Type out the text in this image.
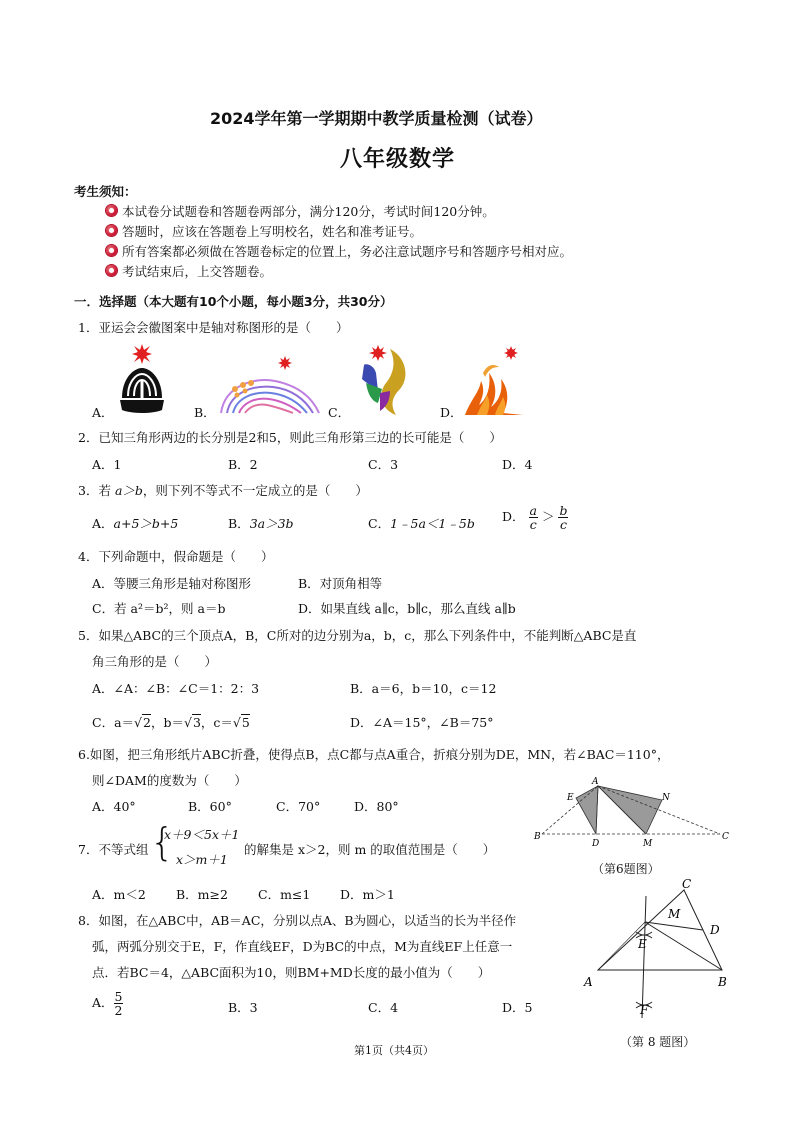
2024学年第一学期期中教学质量检测（试卷）
八年级数学
考生须知：
本试卷分试题卷和答题卷两部分，满分120分，考试时间120分钟。
答题时，应该在答题卷上写明校名，姓名和准考证号。
所有答案都必须做在答题卷标定的位置上，务必注意试题序号和答题序号相对应。
考试结束后，上交答题卷。
一．选择题（本大题有10个小题，每小题3分，共30分）
1．亚运会会徽图案中是轴对称图形的是（　　）
A．	B．	C．	D．
2．已知三角形两边的长分别是2和5，则此三角形第三边的长可能是（　　）
A．1	B．2	C．3	D．4
3．若 a＞b，则下列不等式不一定成立的是（　　）
A．a+5＞b+5	B．3a＞3b	C．1﹣5a＜1﹣5b D． $\frac{a}{c} > \frac{b}{c}$
4．下列命题中，假命题是（　　）
A．等腰三角形是轴对称图形	B．对顶角相等
C．若 a²＝b²，则 a＝b	D．如果直线 a∥c，b∥c，那么直线 a∥b
5．如果△ABC的三个顶点A，B，C所对的边分别为a，b，c，那么下列条件中，不能判断△ABC是直
角三角形的是（　　）
A．∠A：∠B：∠C＝1：2：3	B．a＝6，b＝10，c＝12
C．a＝√2，b＝√3，c＝√5	D．∠A＝15°，∠B＝75°
6.如图，把三角形纸片ABC折叠，使得点B，点C都与点A重合，折痕分别为DE，MN，若∠BAC＝110°，
则∠DAM的度数为（　　）
A．40°	B．60°	C．70°	D．80°
A
E	N
B
D	M
C
（第6题图）
7．不等式组 {
x＋9＜5x＋1
x＞m＋1
的解集是 x＞2，则 m 的取值范围是（　　）
A．m＜2 B．m≥2 C．m≤1 D．m＞1
8．如图，在△ABC中，AB＝AC，分别以点A、B为圆心，以适当的长为半径作
弧，两弧分别交于E，F，作直线EF，D为BC的中点，M为直线EF上任意一
点．若BC＝4，△ABC面积为10，则BM+MD长度的最小值为（　　）
A． $\frac{5}{2}$	B．3	C．4	D．5
C
M
D
E
A	B
F
（第 8 题图）
第1页（共4页）
